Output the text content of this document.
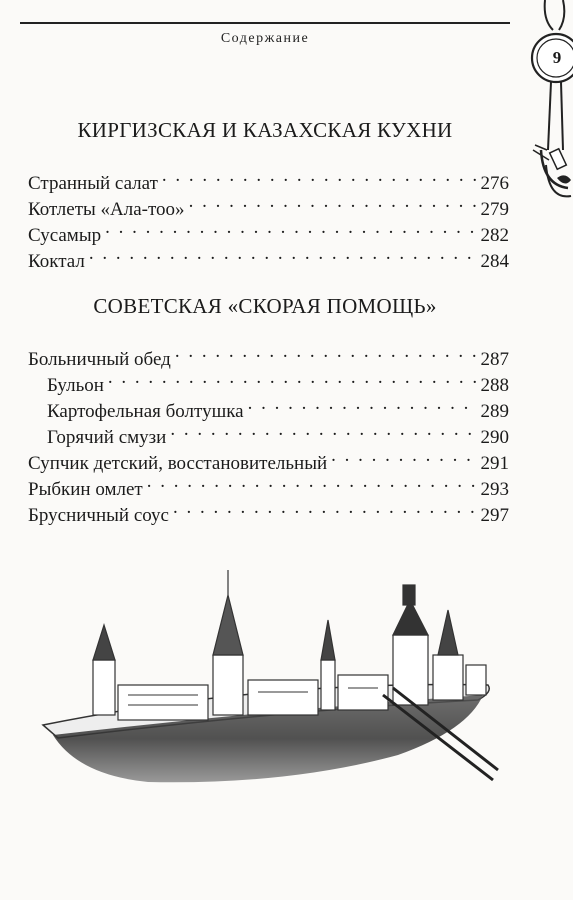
Содержание
9
КИРГИЗСКАЯ И КАЗАХСКАЯ КУХНИ
Странный салат . . .	276
Котлеты «Ала-тоо» . . .	279
Сусамыр . . .	282
Коктал . . .	284
СОВЕТСКАЯ «СКОРАЯ ПОМОЩЬ»
Больничный обед . . .	287
Бульон . . .	288
Картофельная болтушка . . .	289
Горячий смузи . . .	290
Супчик детский, восстановительный . . .	291
Рыбкин омлет . . .	293
Брусничный соус . . .	297
